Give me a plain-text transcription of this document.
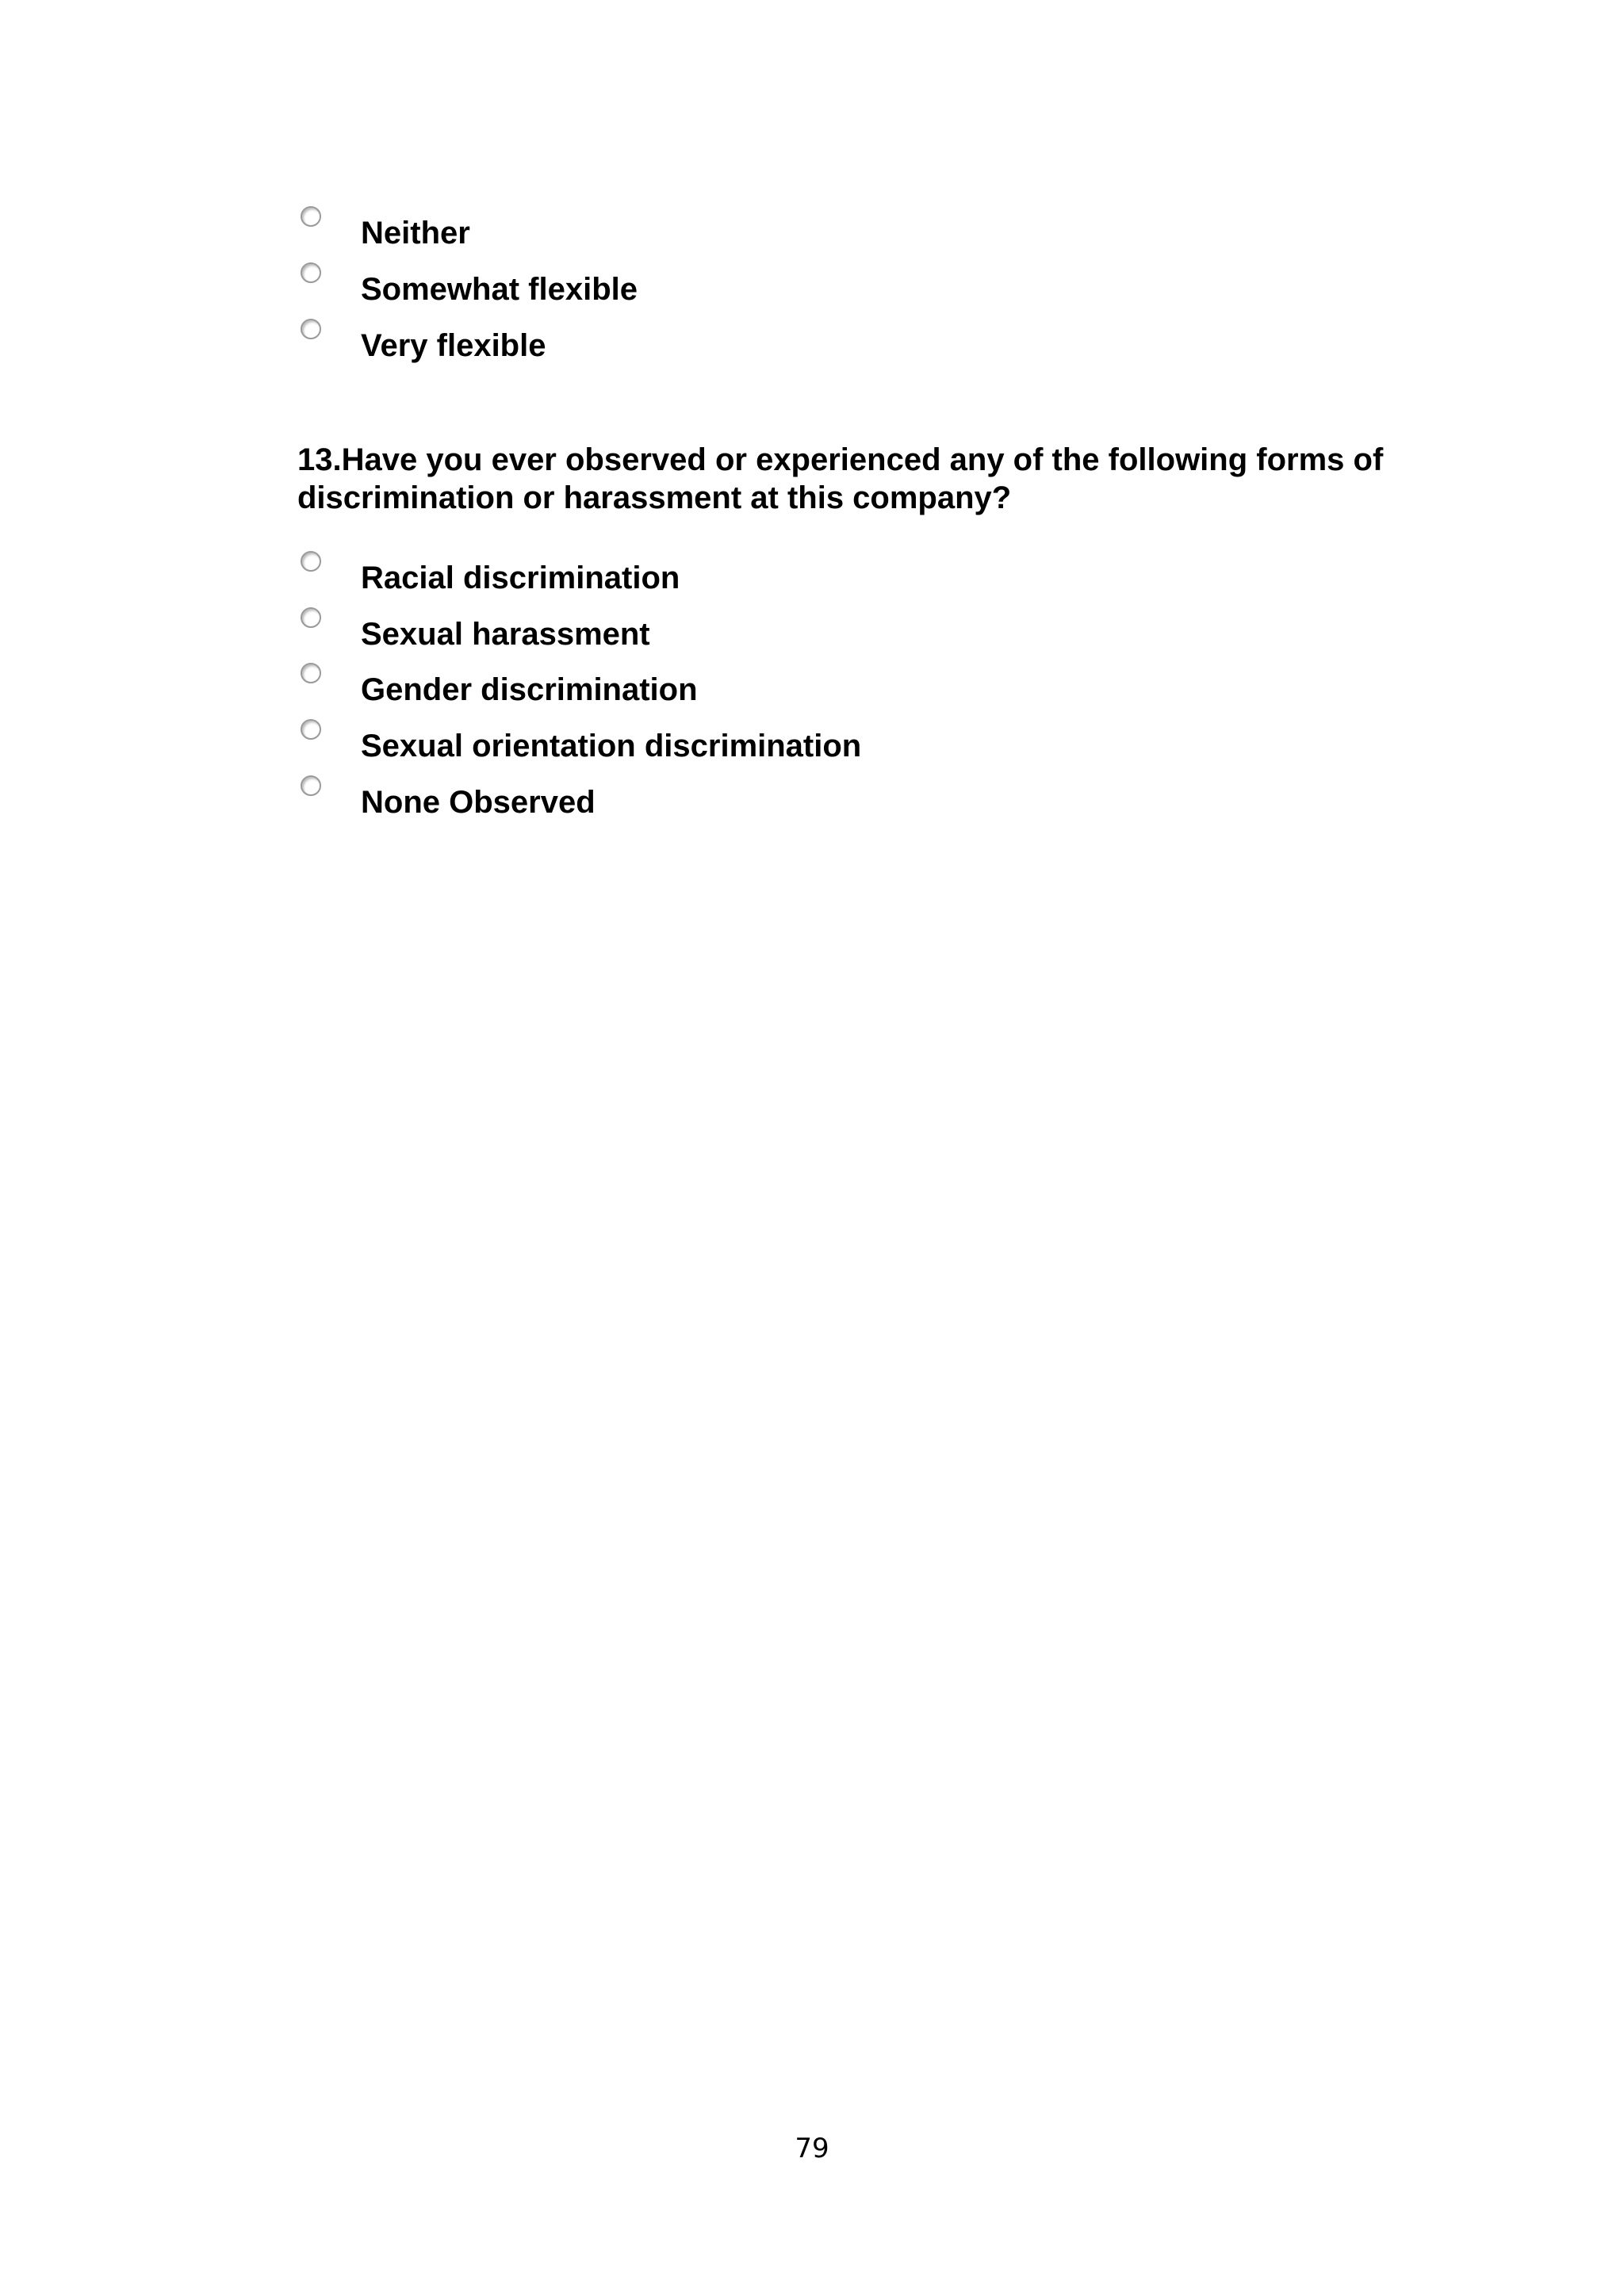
Neither
Somewhat flexible
Very flexible

13.Have you ever observed or experienced any of the following forms of discrimination or harassment at this company?

Racial discrimination
Sexual harassment
Gender discrimination
Sexual orientation discrimination
None Observed
79
